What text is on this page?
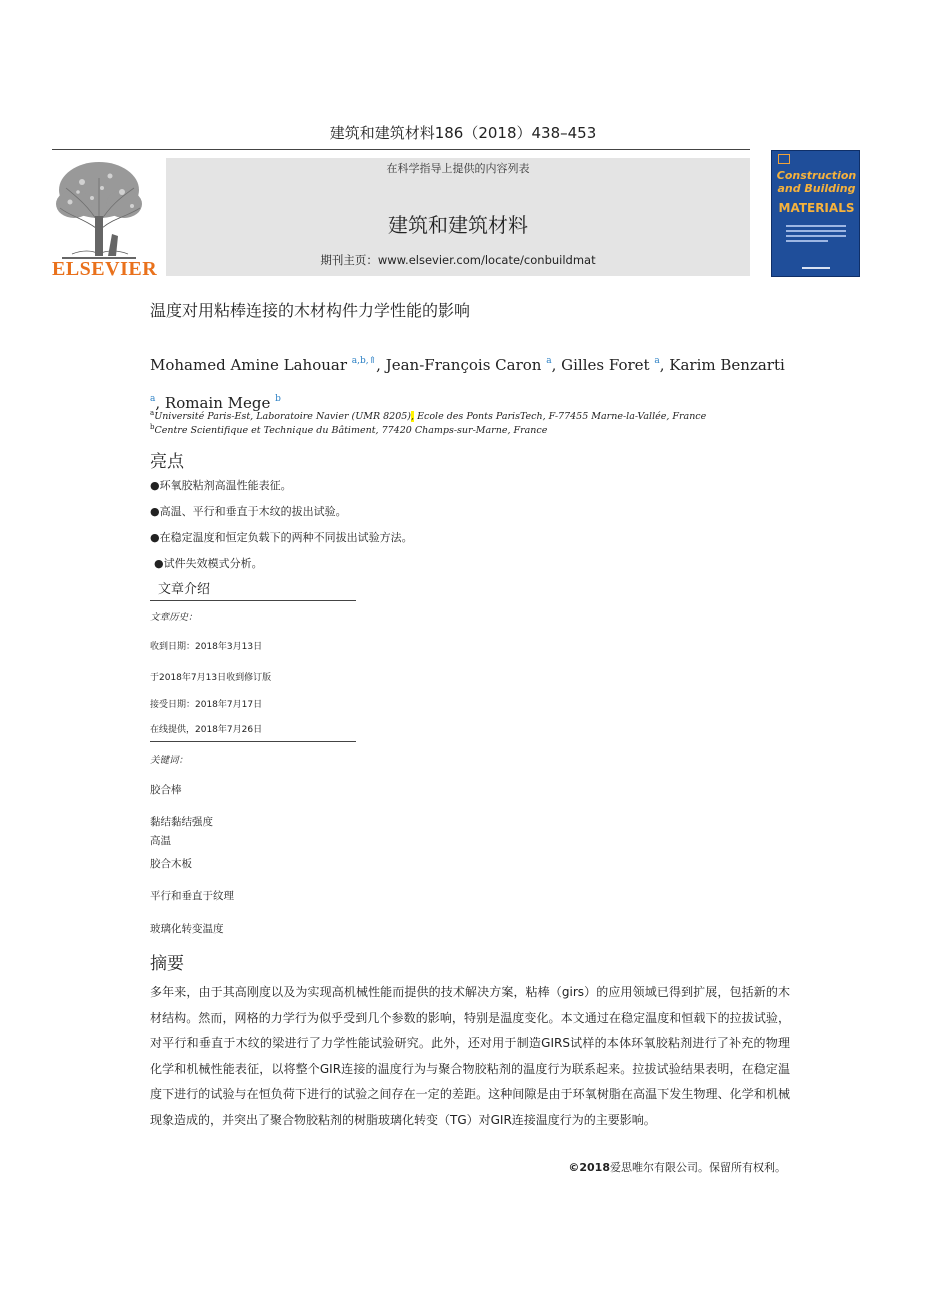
建筑和建筑材料186（2018）438–453
ELSEVIER
在科学指导上提供的内容列表
建筑和建筑材料
期刊主页：www.elsevier.com/locate/conbuildmat
Construction and Building
MATERIALS
温度对用粘棒连接的木材构件力学性能的影响
Mohamed Amine Lahouar $^{a,b,⇑}$, Jean-François Caron $^a$, Gilles Foret $^a$, Karim Benzarti
$^a$, Romain Mege $^b$
$^a$Université Paris-Est, Laboratoire Navier (UMR 8205), Ecole des Ponts ParisTech, F-77455 Marne-la-Vallée, France
$^b$Centre Scientifique et Technique du Bâtiment, 77420 Champs-sur-Marne, France
亮点
●环氧胶粘剂高温性能表征。
●高温、平行和垂直于木纹的拔出试验。
●在稳定温度和恒定负载下的两种不同拔出试验方法。
●试件失效模式分析。
文章介绍
文章历史：
收到日期：2018年3月13日
于2018年7月13日收到修订版
接受日期：2018年7月17日
在线提供，2018年7月26日
关键词：
胶合棒
黏结黏结强度
高温
胶合木板
平行和垂直于纹理
玻璃化转变温度
摘要
多年来，由于其高刚度以及为实现高机械性能而提供的技术解决方案，粘棒（girs）的应用领域已得到扩展，包括新的木材结构。然而，网格的力学行为似乎受到几个参数的影响，特别是温度变化。本文通过在稳定温度和恒载下的拉拔试验，对平行和垂直于木纹的梁进行了力学性能试验研究。此外，还对用于制造GIRS试样的本体环氧胶粘剂进行了补充的物理化学和机械性能表征，以将整个GIR连接的温度行为与聚合物胶粘剂的温度行为联系起来。拉拔试验结果表明，在稳定温度下进行的试验与在恒负荷下进行的试验之间存在一定的差距。这种间隙是由于环氧树脂在高温下发生物理、化学和机械现象造成的，并突出了聚合物胶粘剂的树脂玻璃化转变（TG）对GIR连接温度行为的主要影响。
©2018爱思唯尔有限公司。保留所有权利。
